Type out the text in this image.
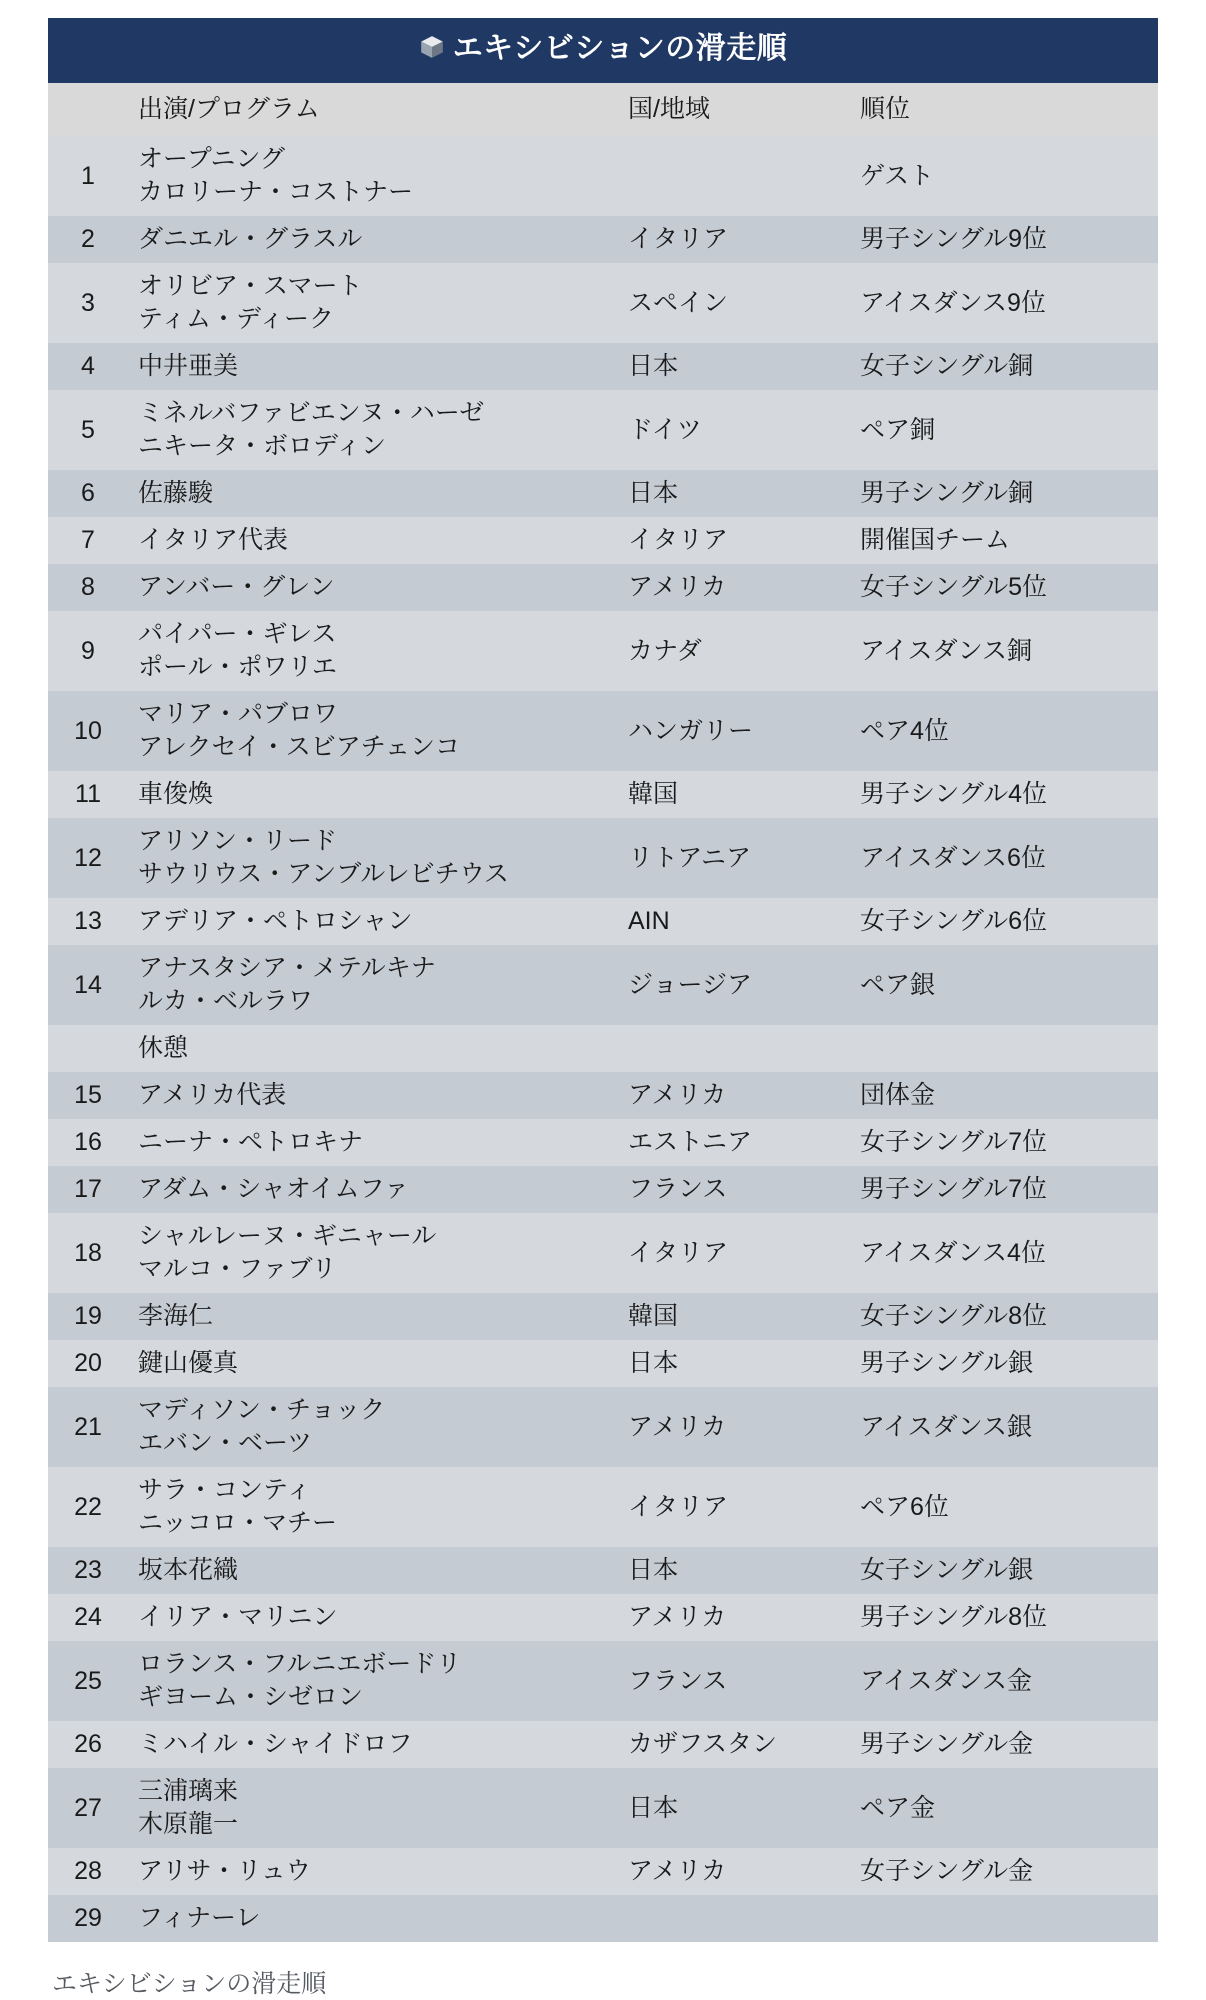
エキシビションの滑走順
	出演/プログラム	国/地域	順位
1	オープニング
カロリーナ・コストナー		ゲスト
2	ダニエル・グラスル	イタリア	男子シングル9位
3	オリビア・スマート
ティム・ディーク	スペイン	アイスダンス9位
4	中井亜美	日本	女子シングル銅
5	ミネルバファビエンヌ・ハーゼ
ニキータ・ボロディン	ドイツ	ペア銅
6	佐藤駿	日本	男子シングル銅
7	イタリア代表	イタリア	開催国チーム
8	アンバー・グレン	アメリカ	女子シングル5位
9	パイパー・ギレス
ポール・ポワリエ	カナダ	アイスダンス銅
10	マリア・パブロワ
アレクセイ・スビアチェンコ	ハンガリー	ペア4位
11	車俊煥	韓国	男子シングル4位
12	アリソン・リード
サウリウス・アンブルレビチウス	リトアニア	アイスダンス6位
13	アデリア・ペトロシャン	AIN	女子シングル6位
14	アナスタシア・メテルキナ
ルカ・ベルラワ	ジョージア	ペア銀
	休憩		
15	アメリカ代表	アメリカ	団体金
16	ニーナ・ペトロキナ	エストニア	女子シングル7位
17	アダム・シャオイムファ	フランス	男子シングル7位
18	シャルレーヌ・ギニャール
マルコ・ファブリ	イタリア	アイスダンス4位
19	李海仁	韓国	女子シングル8位
20	鍵山優真	日本	男子シングル銀
21	マディソン・チョック
エバン・ベーツ	アメリカ	アイスダンス銀
22	サラ・コンティ
ニッコロ・マチー	イタリア	ペア6位
23	坂本花織	日本	女子シングル銀
24	イリア・マリニン	アメリカ	男子シングル8位
25	ロランス・フルニエボードリ
ギヨーム・シゼロン	フランス	アイスダンス金
26	ミハイル・シャイドロフ	カザフスタン	男子シングル金
27	三浦璃来
木原龍一	日本	ペア金
28	アリサ・リュウ	アメリカ	女子シングル金
29	フィナーレ		
エキシビションの滑走順
